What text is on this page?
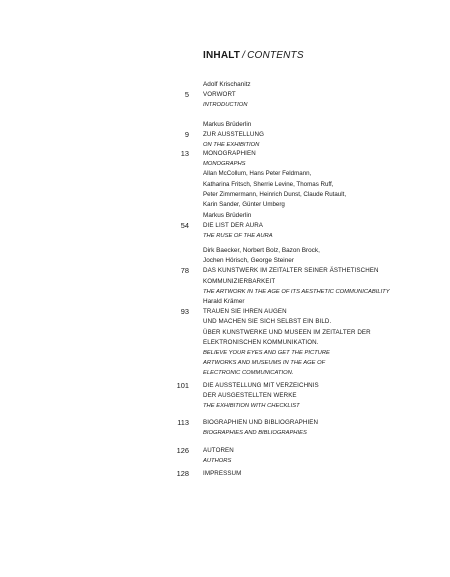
INHALT / CONTENTS
5
Adolf Krischanitz
VORWORT
INTRODUCTION
9
Markus Brüderlin
ZUR AUSSTELLUNG
ON THE EXHIBITION
13 MONOGRAPHIEN
MONOGRAPHS
Allan McCollum, Hans Peter Feldmann,
Katharina Fritsch, Sherrie Levine, Thomas Ruff,
Peter Zimmermann, Heinrich Dunst, Claude Rutault,
Karin Sander, Günter Umberg
54
Markus Brüderlin
DIE LIST DER AURA
THE RUSE OF THE AURA
78
Dirk Baecker, Norbert Bolz, Bazon Brock,
Jochen Hörisch, George Steiner
DAS KUNSTWERK IM ZEITALTER SEINER ÄSTHETISCHEN
KOMMUNIZIERBARKEIT
THE ARTWORK IN THE AGE OF ITS AESTHETIC COMMUNICABILITY
93
Harald Krämer
TRAUEN SIE IHREN AUGEN
UND MACHEN SIE SICH SELBST EIN BILD.
ÜBER KUNSTWERKE UND MUSEEN IM ZEITALTER DER
ELEKTRONISCHEN KOMMUNIKATION.
BELIEVE YOUR EYES AND GET THE PICTURE
ARTWORKS AND MUSEUMS IN THE AGE OF
ELECTRONIC COMMUNICATION.
101 DIE AUSSTELLUNG MIT VERZEICHNIS
DER AUSGESTELLTEN WERKE
THE EXHIBITION WITH CHECKLIST
113 BIOGRAPHIEN UND BIBLIOGRAPHIEN
BIOGRAPHIES AND BIBLIOGRAPHIES
126 AUTOREN
AUTHORS
128 IMPRESSUM
